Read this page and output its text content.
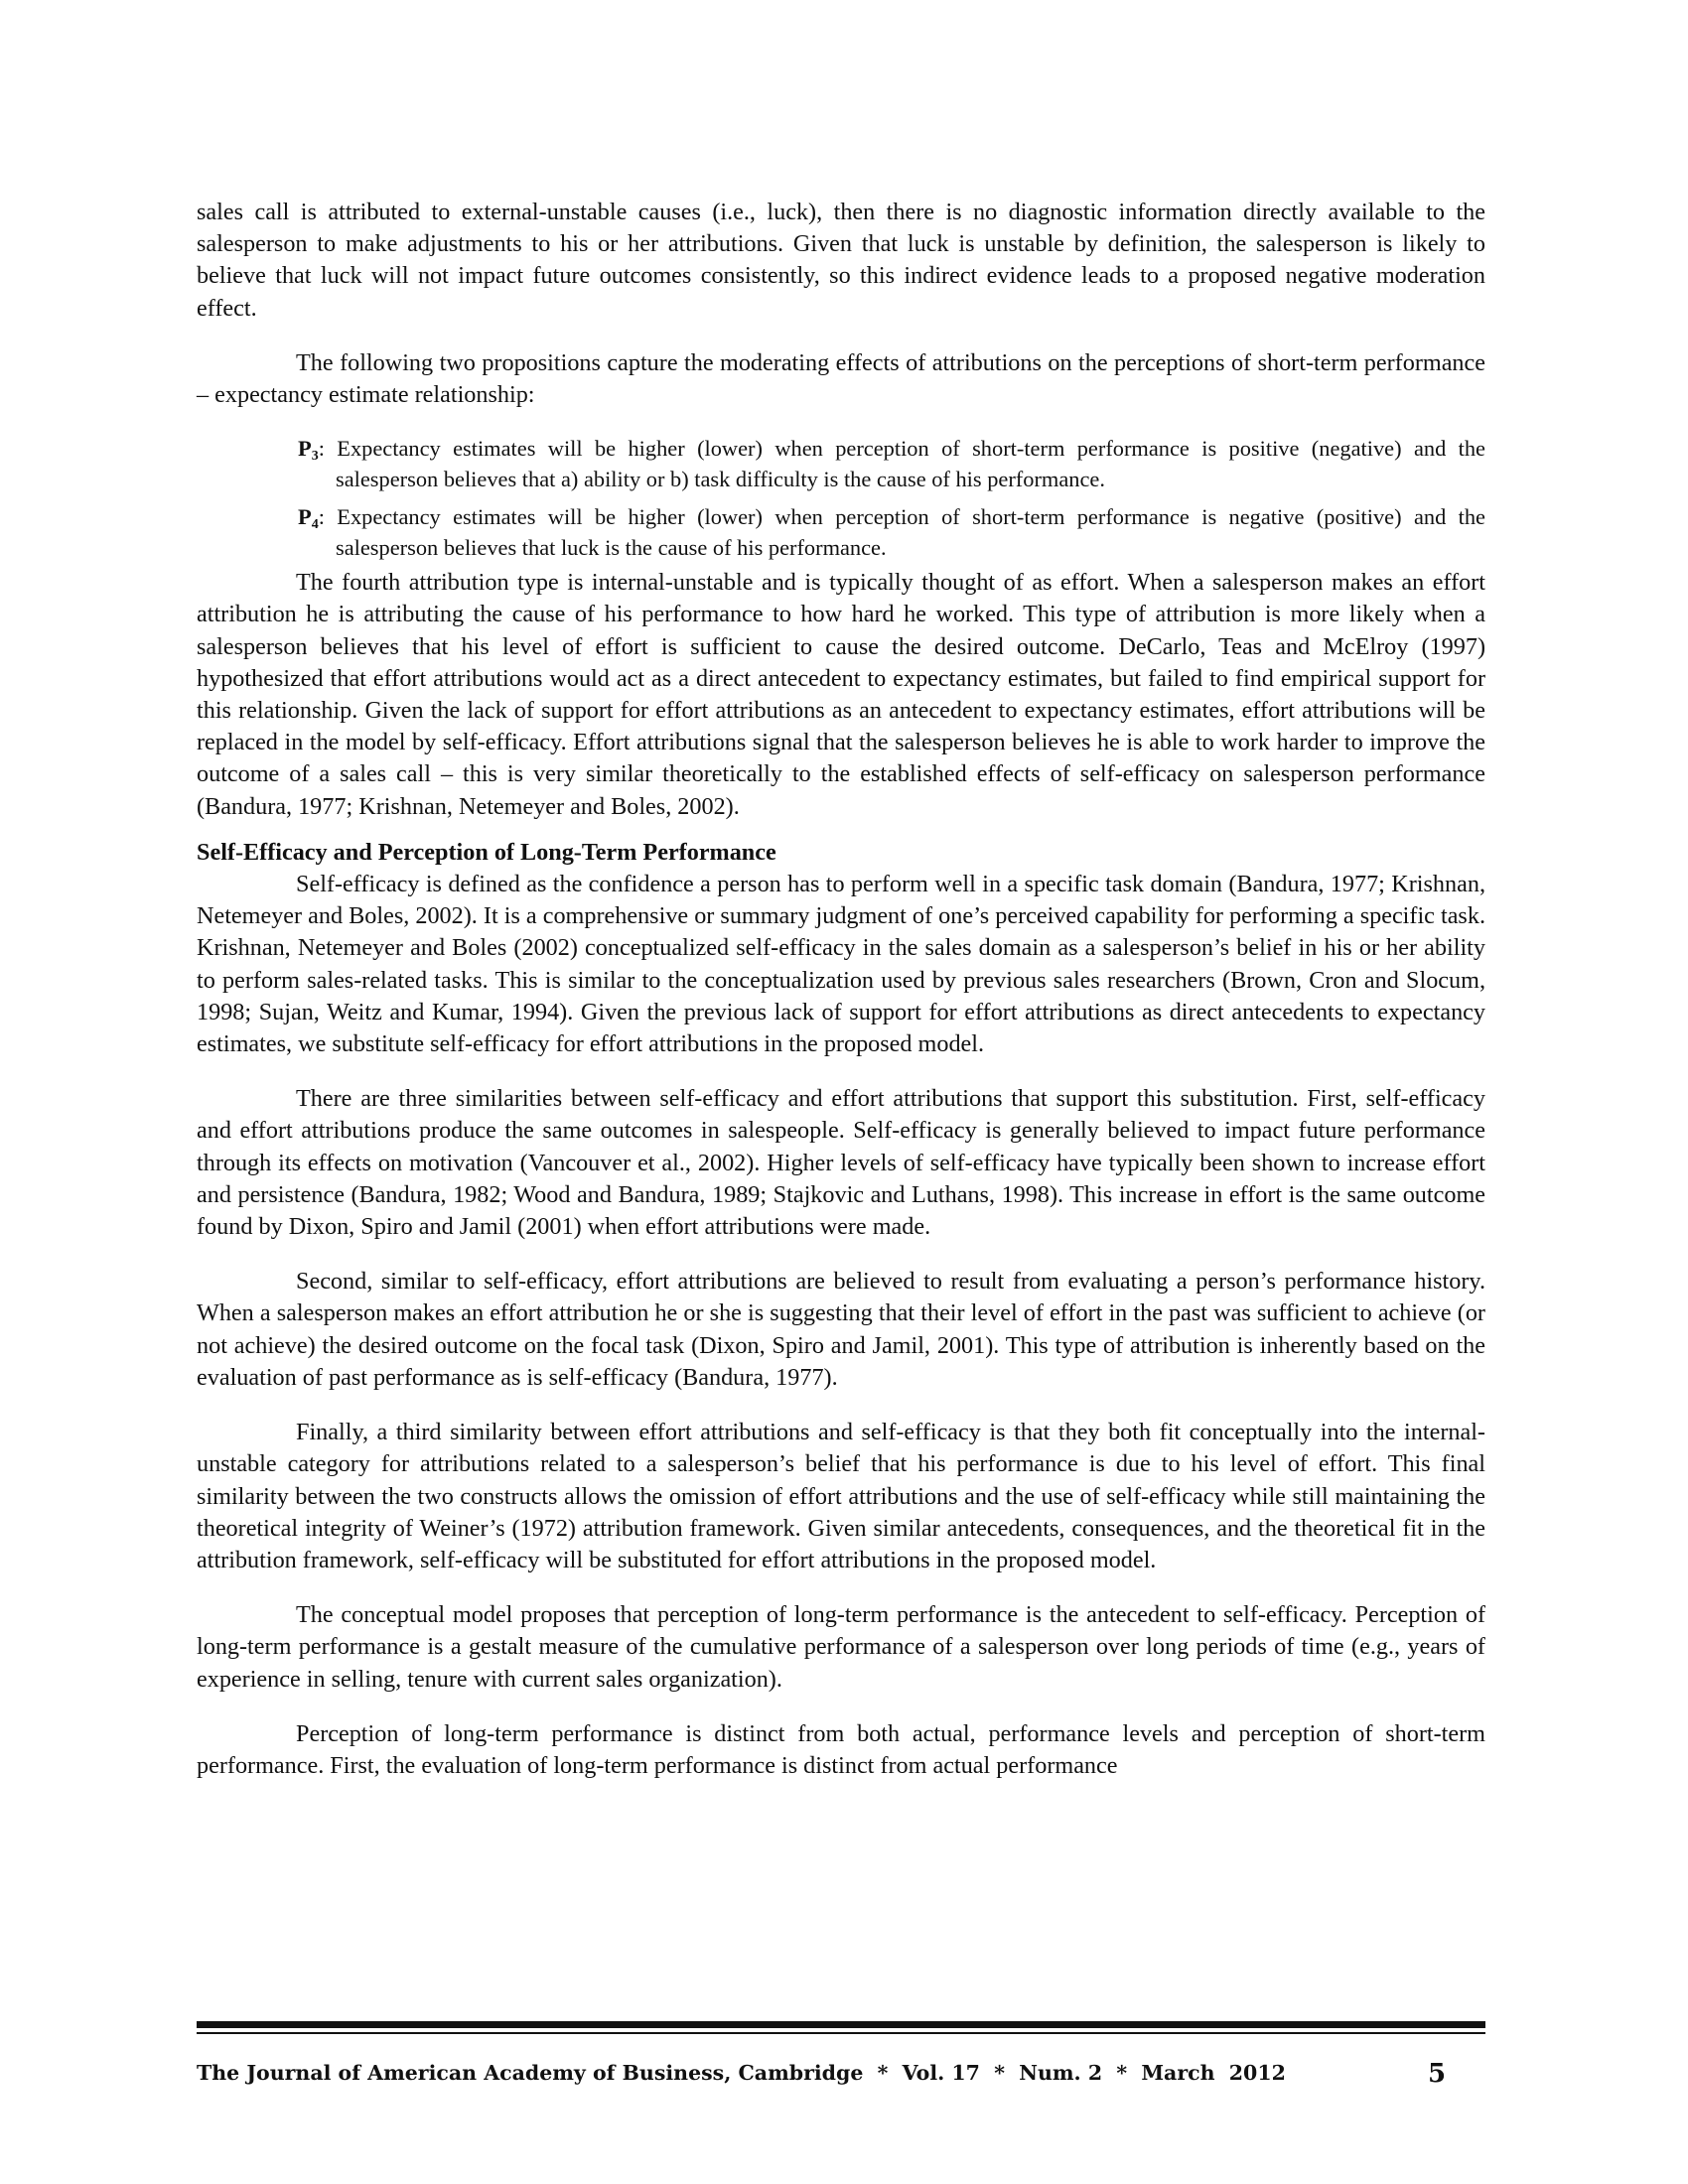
sales call is attributed to external-unstable causes (i.e., luck), then there is no diagnostic information directly available to the salesperson to make adjustments to his or her attributions. Given that luck is unstable by definition, the salesperson is likely to believe that luck will not impact future outcomes consistently, so this indirect evidence leads to a proposed negative moderation effect.

The following two propositions capture the moderating effects of attributions on the perceptions of short-term performance – expectancy estimate relationship:

$P_3$: Expectancy estimates will be higher (lower) when perception of short-term performance is positive (negative) and the salesperson believes that a) ability or b) task difficulty is the cause of his performance.

$P_4$: Expectancy estimates will be higher (lower) when perception of short-term performance is negative (positive) and the salesperson believes that luck is the cause of his performance.

The fourth attribution type is internal-unstable and is typically thought of as effort. When a salesperson makes an effort attribution he is attributing the cause of his performance to how hard he worked. This type of attribution is more likely when a salesperson believes that his level of effort is sufficient to cause the desired outcome. DeCarlo, Teas and McElroy (1997) hypothesized that effort attributions would act as a direct antecedent to expectancy estimates, but failed to find empirical support for this relationship. Given the lack of support for effort attributions as an antecedent to expectancy estimates, effort attributions will be replaced in the model by self-efficacy. Effort attributions signal that the salesperson believes he is able to work harder to improve the outcome of a sales call – this is very similar theoretically to the established effects of self-efficacy on salesperson performance (Bandura, 1977; Krishnan, Netemeyer and Boles, 2002).

Self-Efficacy and Perception of Long-Term Performance

Self-efficacy is defined as the confidence a person has to perform well in a specific task domain (Bandura, 1977; Krishnan, Netemeyer and Boles, 2002). It is a comprehensive or summary judgment of one’s perceived capability for performing a specific task. Krishnan, Netemeyer and Boles (2002) conceptualized self-efficacy in the sales domain as a salesperson’s belief in his or her ability to perform sales-related tasks. This is similar to the conceptualization used by previous sales researchers (Brown, Cron and Slocum, 1998; Sujan, Weitz and Kumar, 1994). Given the previous lack of support for effort attributions as direct antecedents to expectancy estimates, we substitute self-efficacy for effort attributions in the proposed model.

There are three similarities between self-efficacy and effort attributions that support this substitution. First, self-efficacy and effort attributions produce the same outcomes in salespeople. Self-efficacy is generally believed to impact future performance through its effects on motivation (Vancouver et al., 2002). Higher levels of self-efficacy have typically been shown to increase effort and persistence (Bandura, 1982; Wood and Bandura, 1989; Stajkovic and Luthans, 1998). This increase in effort is the same outcome found by Dixon, Spiro and Jamil (2001) when effort attributions were made.

Second, similar to self-efficacy, effort attributions are believed to result from evaluating a person’s performance history. When a salesperson makes an effort attribution he or she is suggesting that their level of effort in the past was sufficient to achieve (or not achieve) the desired outcome on the focal task (Dixon, Spiro and Jamil, 2001). This type of attribution is inherently based on the evaluation of past performance as is self-efficacy (Bandura, 1977).

Finally, a third similarity between effort attributions and self-efficacy is that they both fit conceptually into the internal-unstable category for attributions related to a salesperson’s belief that his performance is due to his level of effort. This final similarity between the two constructs allows the omission of effort attributions and the use of self-efficacy while still maintaining the theoretical integrity of Weiner’s (1972) attribution framework. Given similar antecedents, consequences, and the theoretical fit in the attribution framework, self-efficacy will be substituted for effort attributions in the proposed model.

The conceptual model proposes that perception of long-term performance is the antecedent to self-efficacy. Perception of long-term performance is a gestalt measure of the cumulative performance of a salesperson over long periods of time (e.g., years of experience in selling, tenure with current sales organization).

Perception of long-term performance is distinct from both actual, performance levels and perception of short-term performance. First, the evaluation of long-term performance is distinct from actual performance

The Journal of American Academy of Business, Cambridge  *  Vol. 17  *  Num. 2  *  March  2012	5
